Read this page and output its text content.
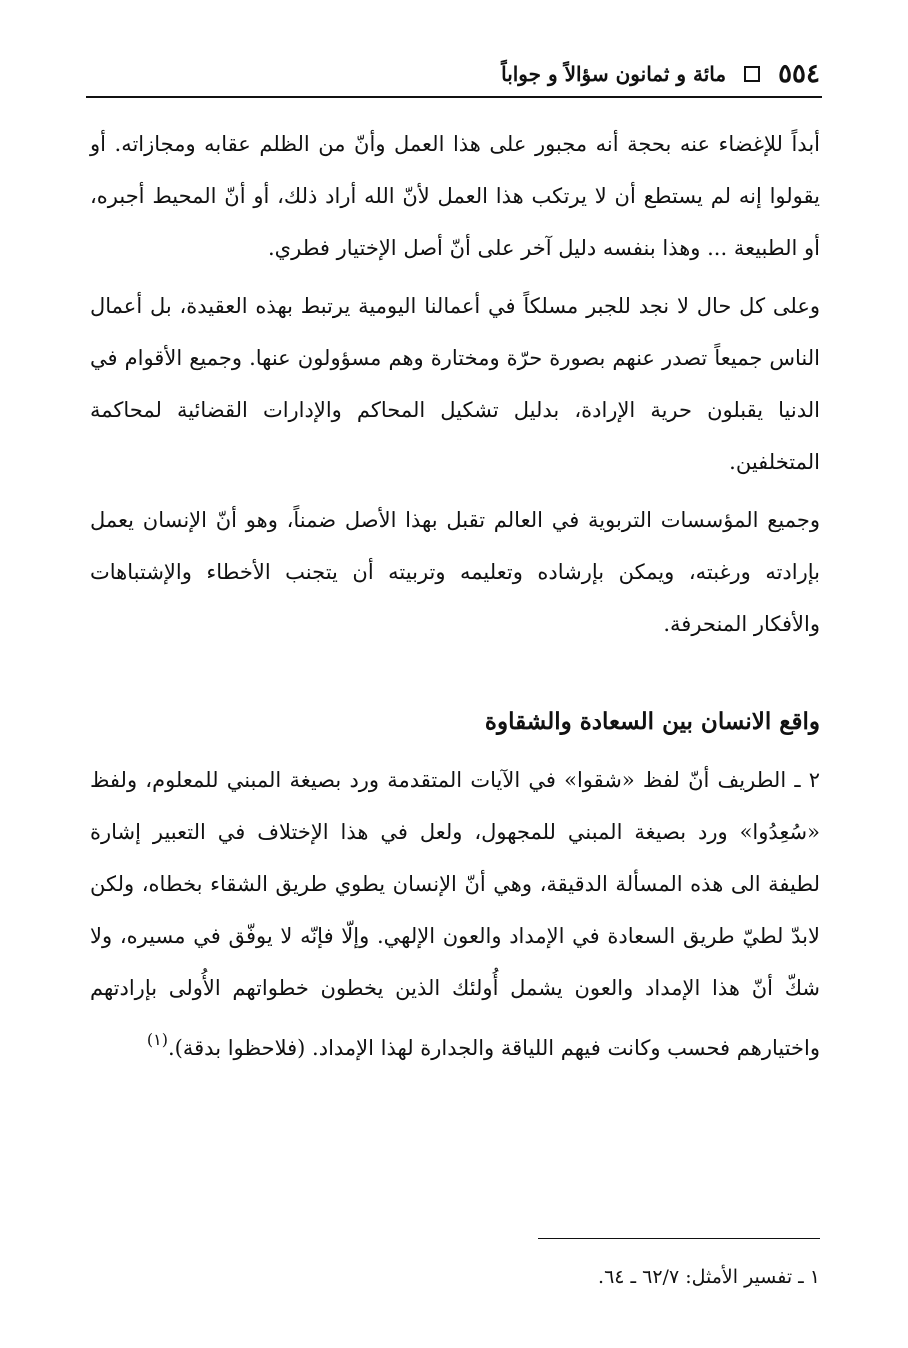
٥٥٤
مائة و ثمانون سؤالاً و جواباً

أبداً للإغضاء عنه بحجة أنه مجبور على هذا العمل وأنّ من الظلم عقابه ومجازاته. أو يقولوا إنه لم يستطع أن لا يرتكب هذا العمل لأنّ الله أراد ذلك، أو أنّ المحيط أجبره، أو الطبيعة ... وهذا بنفسه دليل آخر على أنّ أصل الإختيار فطري.

وعلى كل حال لا نجد للجبر مسلكاً في أعمالنا اليومية يرتبط بهذه العقيدة، بل أعمال الناس جميعاً تصدر عنهم بصورة حرّة ومختارة وهم مسؤولون عنها. وجميع الأقوام في الدنيا يقبلون حرية الإرادة، بدليل تشكيل المحاكم والإدارات القضائية لمحاكمة المتخلفين.

وجميع المؤسسات التربوية في العالم تقبل بهذا الأصل ضمناً، وهو أنّ الإنسان يعمل بإرادته ورغبته، ويمكن بإرشاده وتعليمه وتربيته أن يتجنب الأخطاء والإشتباهات والأفكار المنحرفة.

واقع الانسان بين السعادة والشقاوة

٢ ـ الطريف أنّ لفظ «شقوا» في الآيات المتقدمة ورد بصيغة المبني للمعلوم، ولفظ «سُعِدُوا» ورد بصيغة المبني للمجهول، ولعل في هذا الإختلاف في التعبير إشارة لطيفة الى هذه المسألة الدقيقة، وهي أنّ الإنسان يطوي طريق الشقاء بخطاه، ولكن لابدّ لطيّ طريق السعادة في الإمداد والعون الإلهي. وإلّا فإنّه لا يوفّق في مسيره، ولا شكّ أنّ هذا الإمداد والعون يشمل أُولئك الذين يخطون خطواتهم الأُولى بإرادتهم واختيارهم فحسب وكانت فيهم اللياقة والجدارة لهذا الإمداد. (فلاحظوا بدقة).$^{(١)}$

١ ـ تفسير الأمثل: ٦٢/٧ ـ ٦٤.
